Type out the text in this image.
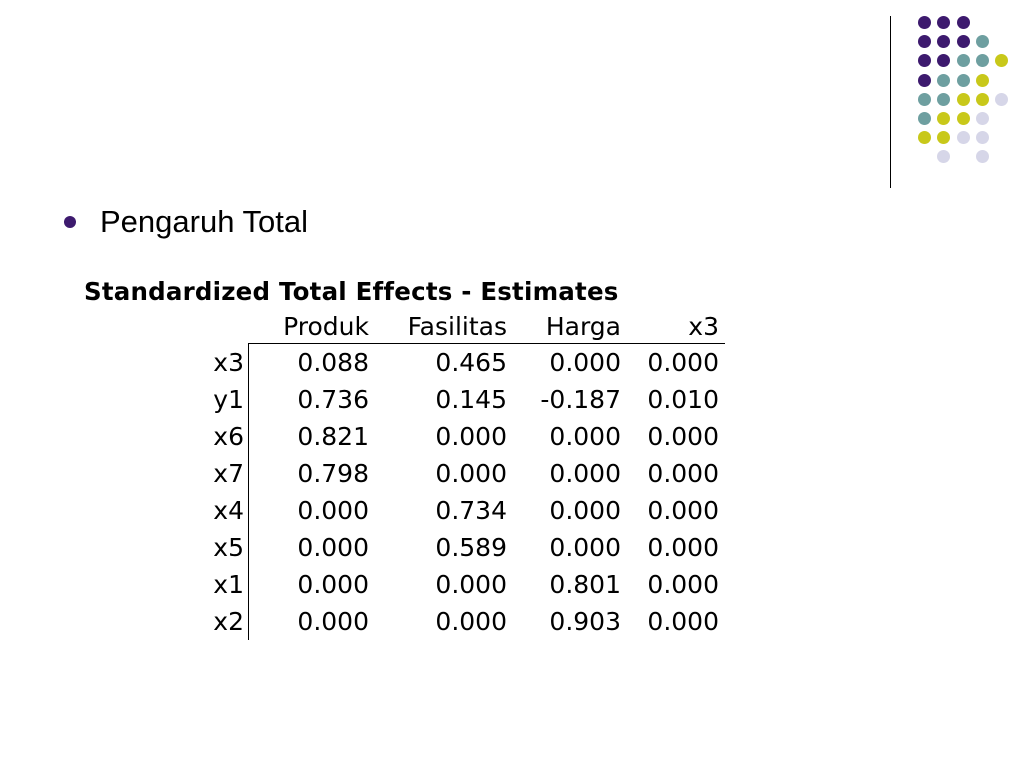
Pengaruh Total
Standardized Total Effects - Estimates
	Produk	Fasilitas	Harga	x3
x3	0.088	0.465	0.000	0.000
y1	0.736	0.145	-0.187	0.010
x6	0.821	0.000	0.000	0.000
x7	0.798	0.000	0.000	0.000
x4	0.000	0.734	0.000	0.000
x5	0.000	0.589	0.000	0.000
x1	0.000	0.000	0.801	0.000
x2	0.000	0.000	0.903	0.000
